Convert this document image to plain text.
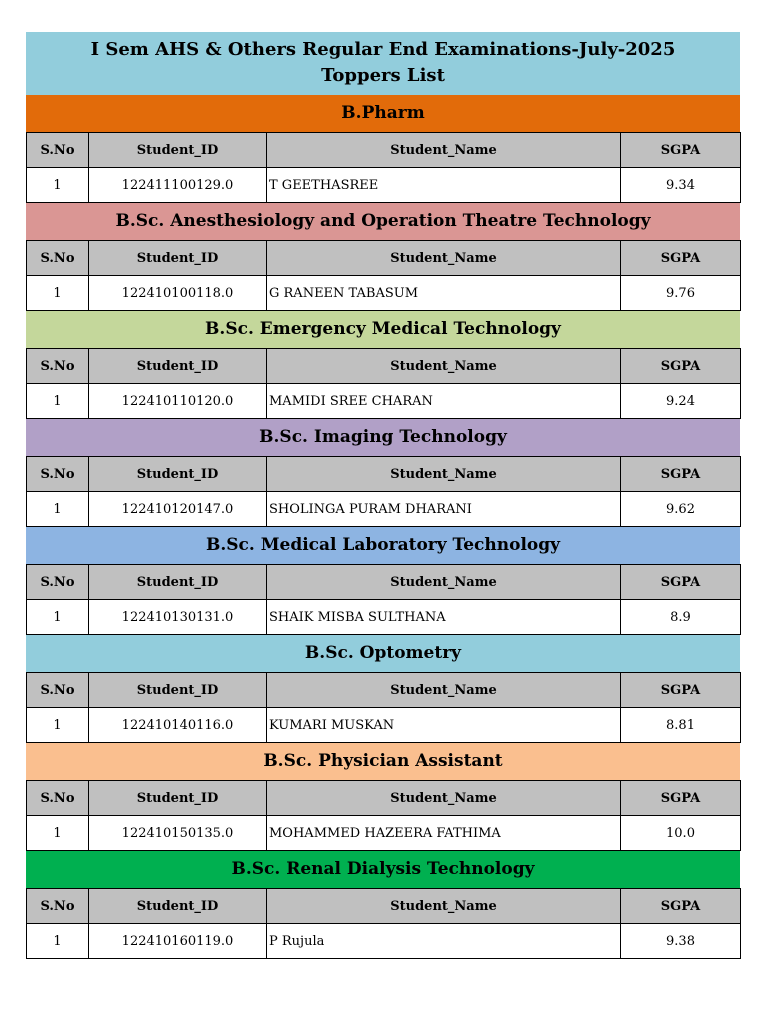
I Sem AHS & Others Regular End Examinations-July-2025
Toppers List
B.Pharm
S.No	Student_ID	Student_Name	SGPA
1	122411100129.0	T GEETHASREE	9.34
B.Sc. Anesthesiology and Operation Theatre Technology
S.No	Student_ID	Student_Name	SGPA
1	122410100118.0	G RANEEN TABASUM	9.76
B.Sc. Emergency Medical Technology
S.No	Student_ID	Student_Name	SGPA
1	122410110120.0	MAMIDI SREE CHARAN	9.24
B.Sc. Imaging Technology
S.No	Student_ID	Student_Name	SGPA
1	122410120147.0	SHOLINGA PURAM DHARANI	9.62
B.Sc. Medical Laboratory Technology
S.No	Student_ID	Student_Name	SGPA
1	122410130131.0	SHAIK MISBA SULTHANA	8.9
B.Sc. Optometry
S.No	Student_ID	Student_Name	SGPA
1	122410140116.0	KUMARI MUSKAN	8.81
B.Sc. Physician Assistant
S.No	Student_ID	Student_Name	SGPA
1	122410150135.0	MOHAMMED HAZEERA FATHIMA	10.0
B.Sc. Renal Dialysis Technology
S.No	Student_ID	Student_Name	SGPA
1	122410160119.0	P Rujula	9.38
